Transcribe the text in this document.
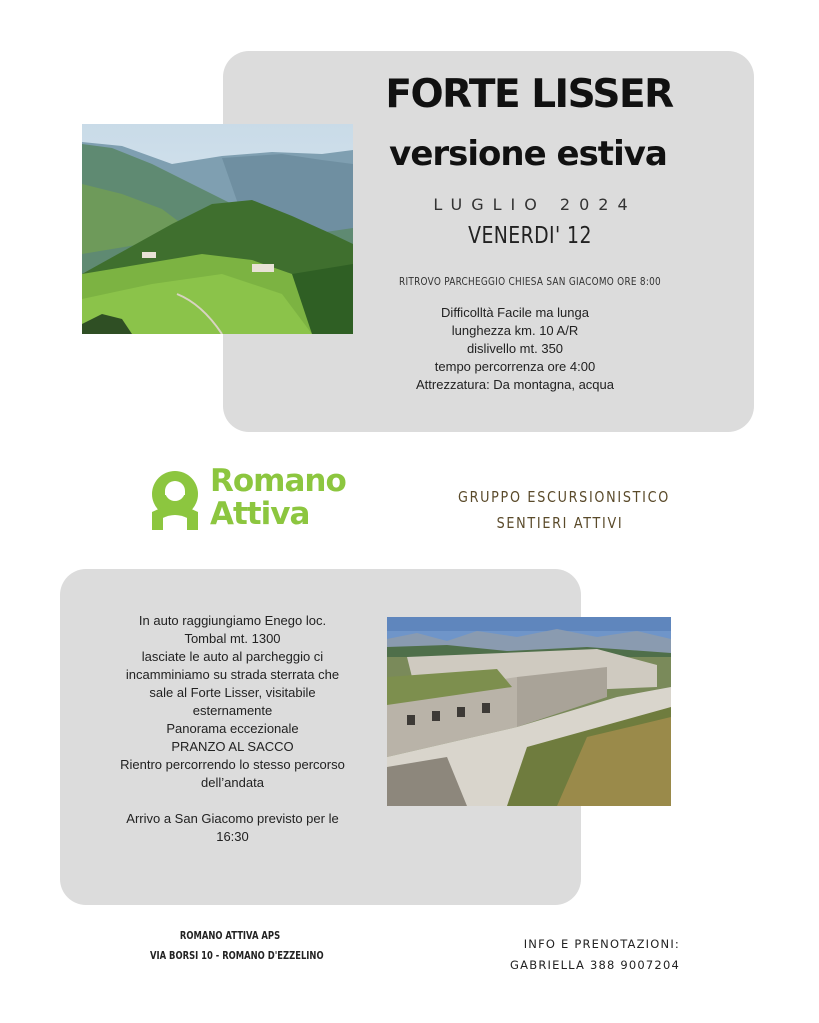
FORTE LISSER
versione estiva
LUGLIO 2024
VENERDI' 12
RITROVO PARCHEGGIO CHIESA SAN GIACOMO ORE 8:00
Difficolltà Facile ma lunga
lunghezza km. 10 A/R
dislivello mt. 350
tempo percorrenza ore 4:00
Attrezzatura: Da montagna, acqua
Romano
Attiva	GRUPPO ESCURSIONISTICO
SENTIERI ATTIVI
In auto raggiungiamo Enego loc.
Tombal mt. 1300
lasciate le auto al parcheggio ci
incamminiamo su strada sterrata che
sale al Forte Lisser, visitabile
esternamente
Panorama eccezionale
PRANZO AL SACCO
Rientro percorrendo lo stesso percorso
dell’andata
Arrivo a San Giacomo previsto per le
16:30
ROMANO ATTIVA APS
VIA BORSI 10 - ROMANO D'EZZELINO
INFO E PRENOTAZIONI:
GABRIELLA 388 9007204
